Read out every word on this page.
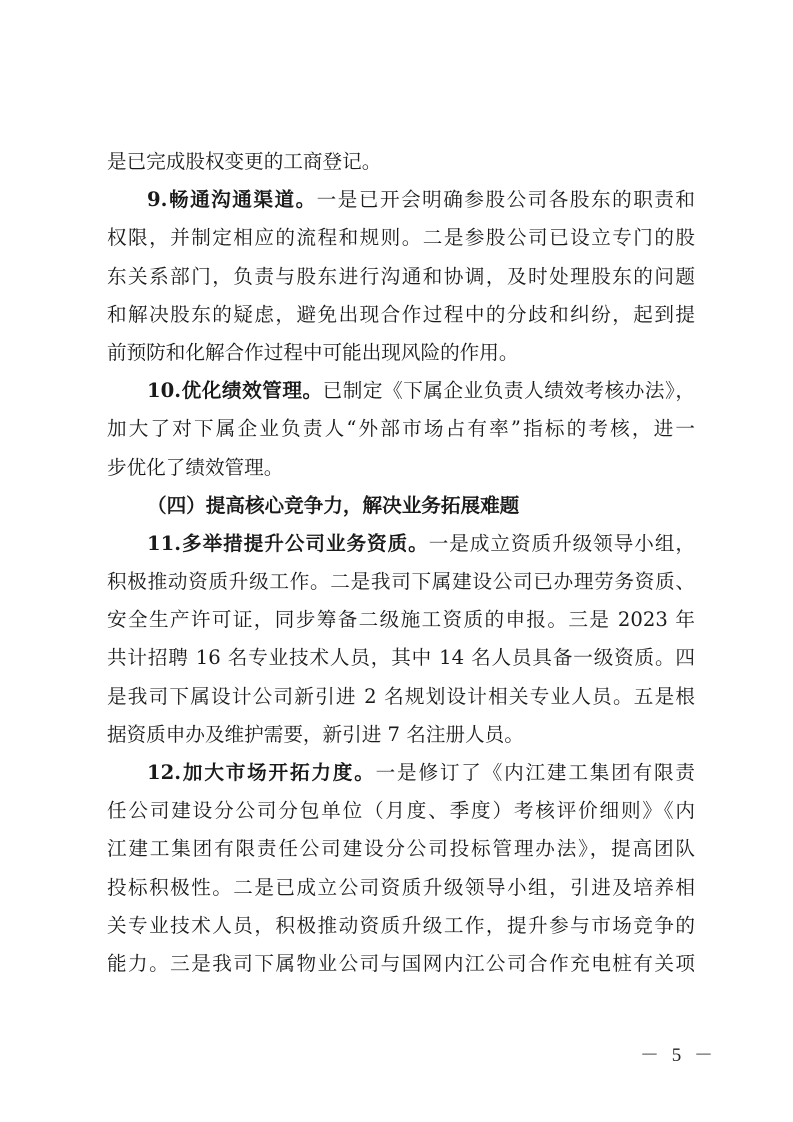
是已完成股权变更的工商登记。
9.畅通沟通渠道。一是已开会明确参股公司各股东的职责和
权限，并制定相应的流程和规则。二是参股公司已设立专门的股
东关系部门，负责与股东进行沟通和协调，及时处理股东的问题
和解决股东的疑虑，避免出现合作过程中的分歧和纠纷，起到提
前预防和化解合作过程中可能出现风险的作用。
10.优化绩效管理。已制定《下属企业负责人绩效考核办法》，
加大了对下属企业负责人“外部市场占有率”指标的考核，进一
步优化了绩效管理。
（四）提高核心竞争力，解决业务拓展难题
11.多举措提升公司业务资质。一是成立资质升级领导小组，
积极推动资质升级工作。二是我司下属建设公司已办理劳务资质、
安全生产许可证，同步筹备二级施工资质的申报。三是 2023 年
共计招聘 16 名专业技术人员，其中 14 名人员具备一级资质。四
是我司下属设计公司新引进 2 名规划设计相关专业人员。五是根
据资质申办及维护需要，新引进 7 名注册人员。
12.加大市场开拓力度。一是修订了《内江建工集团有限责
任公司建设分公司分包单位（月度、季度）考核评价细则》《内
江建工集团有限责任公司建设分公司投标管理办法》，提高团队
投标积极性。二是已成立公司资质升级领导小组，引进及培养相
关专业技术人员，积极推动资质升级工作，提升参与市场竞争的
能力。三是我司下属物业公司与国网内江公司合作充电桩有关项
－ 5 －
